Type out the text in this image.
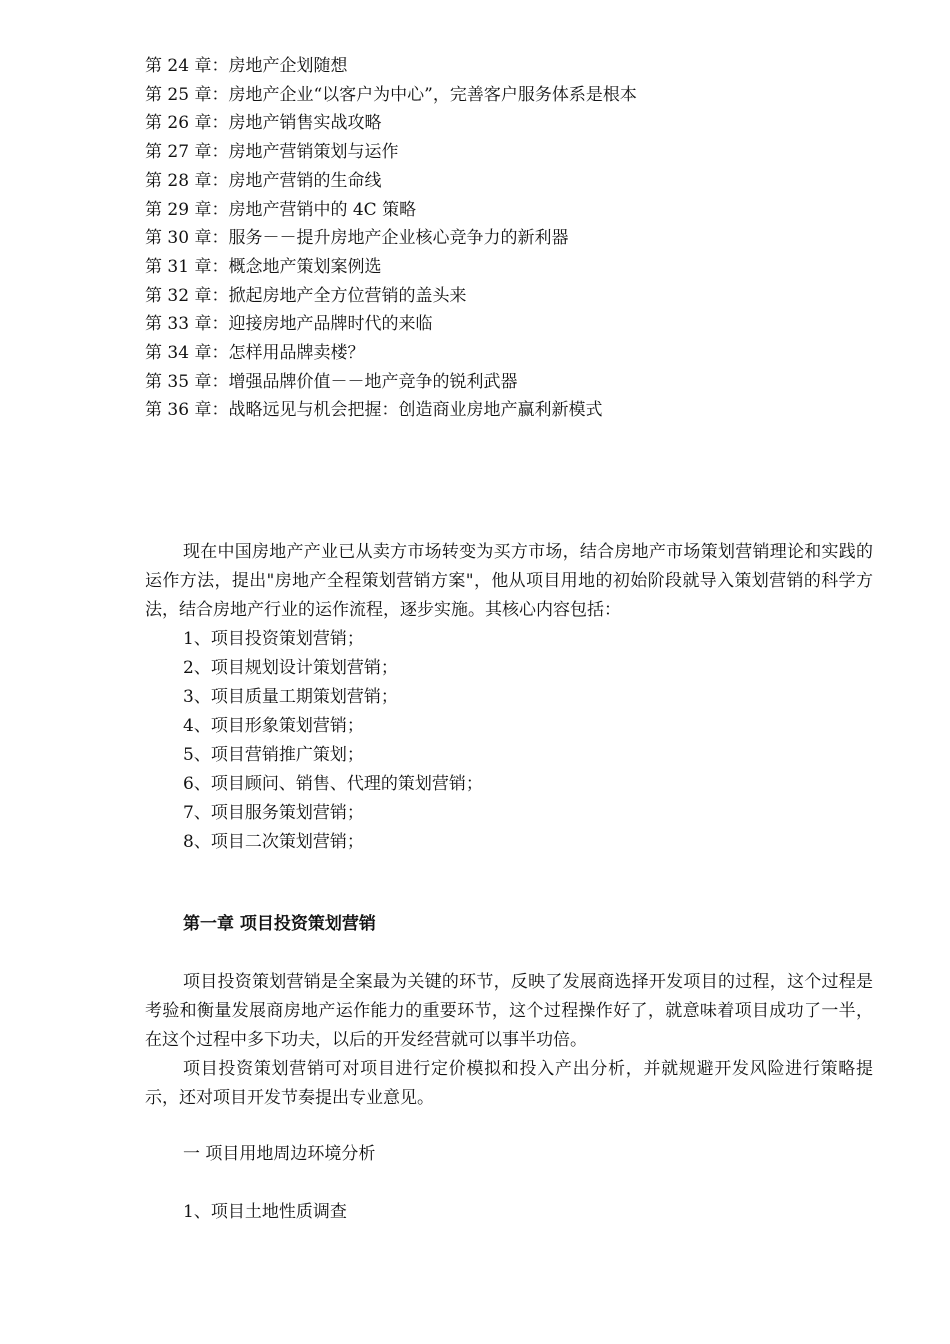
第 24 章：房地产企划随想
第 25 章：房地产企业“以客户为中心”，完善客户服务体系是根本
第 26 章：房地产销售实战攻略
第 27 章：房地产营销策划与运作
第 28 章：房地产营销的生命线
第 29 章：房地产营销中的 4C 策略
第 30 章：服务－－提升房地产企业核心竞争力的新利器
第 31 章：概念地产策划案例选
第 32 章：掀起房地产全方位营销的盖头来
第 33 章：迎接房地产品牌时代的来临
第 34 章：怎样用品牌卖楼？
第 35 章：增强品牌价值－－地产竞争的锐利武器
第 36 章：战略远见与机会把握：创造商业房地产赢利新模式

现在中国房地产产业已从卖方市场转变为买方市场，结合房地产市场策划营销理论和实践的运作方法，提出"房地产全程策划营销方案"，他从项目用地的初始阶段就导入策划营销的科学方法，结合房地产行业的运作流程，逐步实施。其核心内容包括：

1、项目投资策划营销；
2、项目规划设计策划营销；
3、项目质量工期策划营销；
4、项目形象策划营销；
5、项目营销推广策划；
6、项目顾问、销售、代理的策划营销；
7、项目服务策划营销；
8、项目二次策划营销；
第一章 项目投资策划营销

项目投资策划营销是全案最为关键的环节，反映了发展商选择开发项目的过程，这个过程是考验和衡量发展商房地产运作能力的重要环节，这个过程操作好了，就意味着项目成功了一半，在这个过程中多下功夫，以后的开发经营就可以事半功倍。

项目投资策划营销可对项目进行定价模拟和投入产出分析，并就规避开发风险进行策略提示，还对项目开发节奏提出专业意见。

一 项目用地周边环境分析
1、项目土地性质调查
